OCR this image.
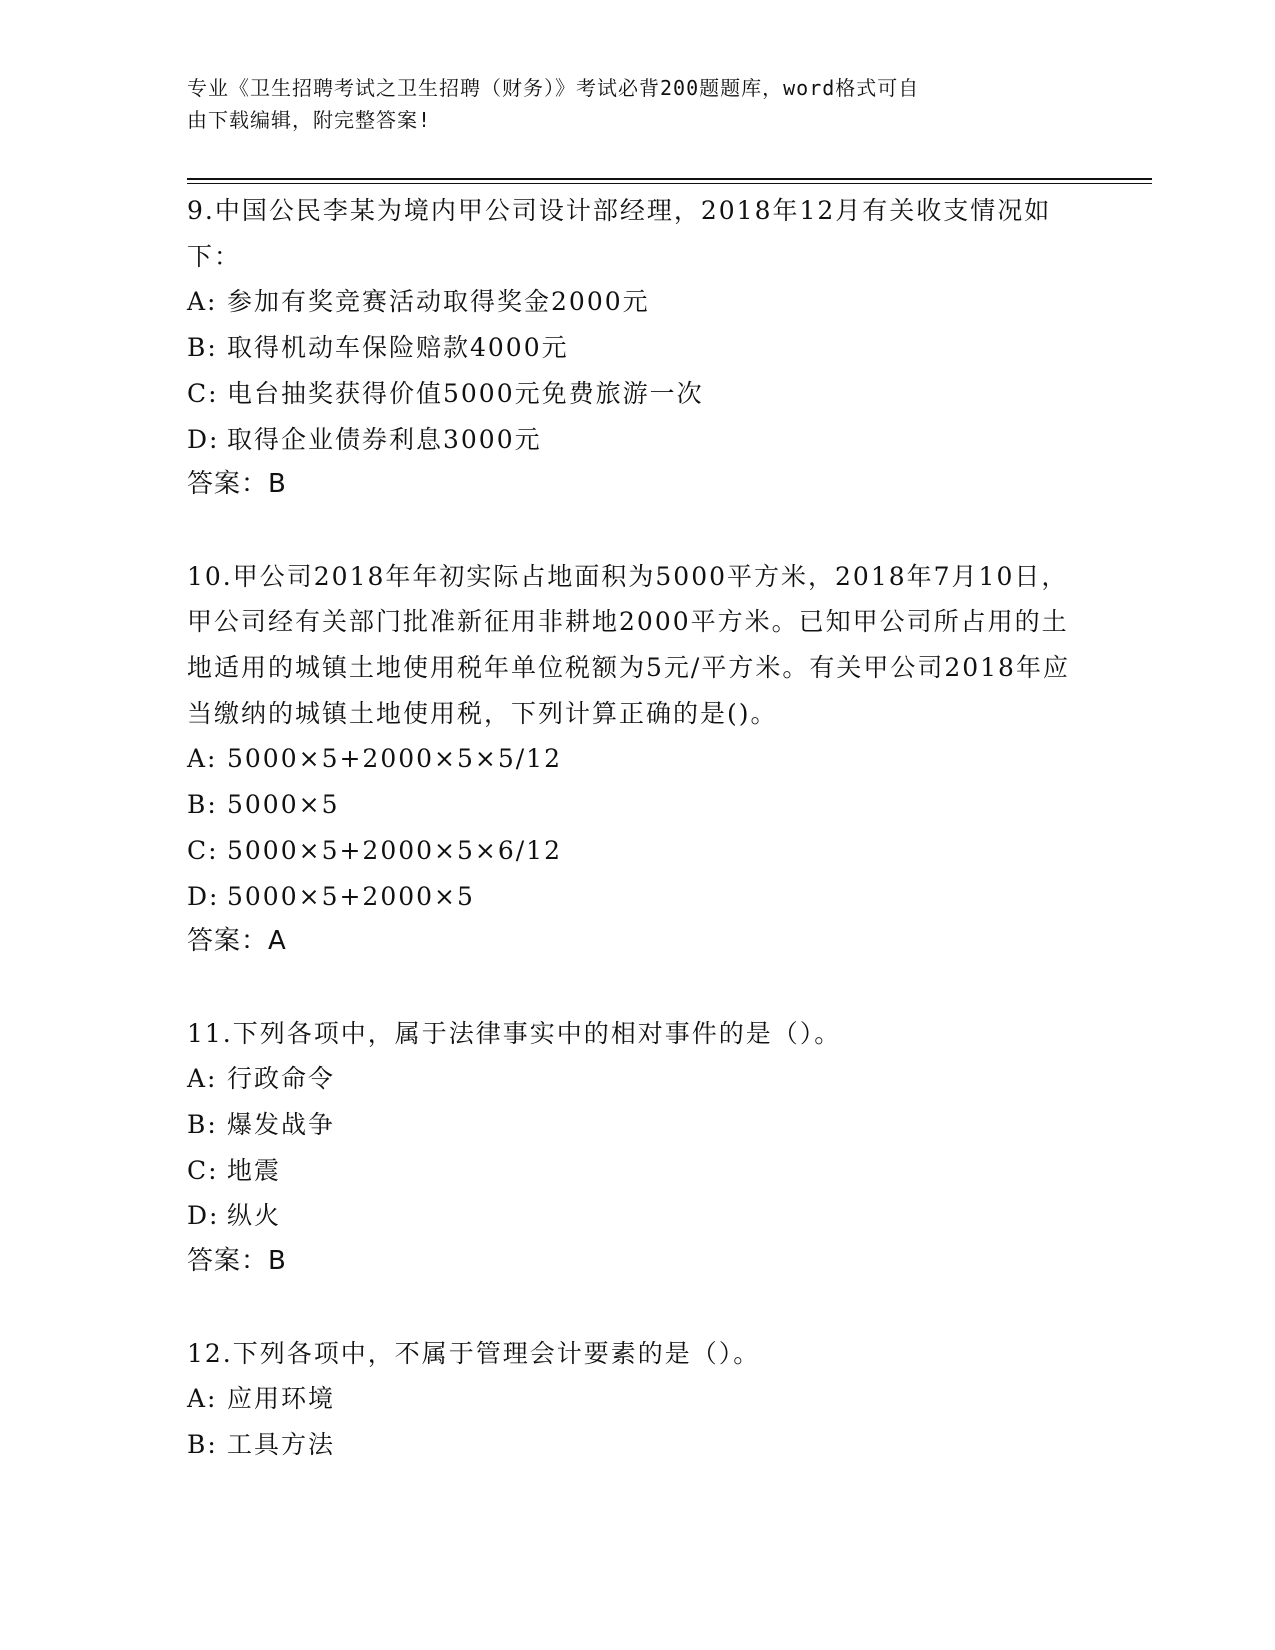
专业《卫生招聘考试之卫生招聘（财务）》考试必背200题题库，word格式可自
由下载编辑，附完整答案!
9.中国公民李某为境内甲公司设计部经理，2018年12月有关收支情况如下：
A: 参加有奖竞赛活动取得奖金2000元
B: 取得机动车保险赔款4000元
C: 电台抽奖获得价值5000元免费旅游一次
D: 取得企业债券利息3000元
答案：B
10.甲公司2018年年初实际占地面积为5000平方米，2018年7月10日，甲公司经有关部门批准新征用非耕地2000平方米。已知甲公司所占用的土地适用的城镇土地使用税年单位税额为5元/平方米。有关甲公司2018年应当缴纳的城镇土地使用税，下列计算正确的是()。
A: 5000×5+2000×5×5/12
B: 5000×5
C: 5000×5+2000×5×6/12
D: 5000×5+2000×5
答案：A
11.下列各项中，属于法律事实中的相对事件的是（）。
A: 行政命令
B: 爆发战争
C: 地震
D: 纵火
答案：B
12.下列各项中，不属于管理会计要素的是（）。
A: 应用环境
B: 工具方法
